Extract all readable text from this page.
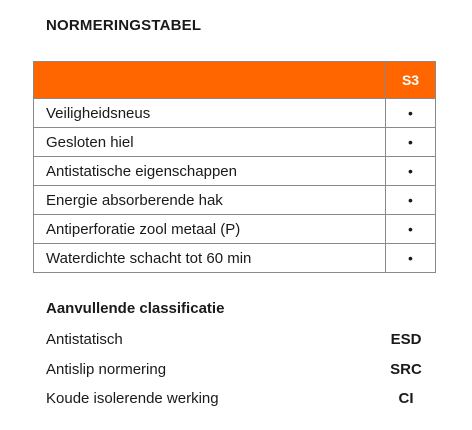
NORMERINGSTABEL
	S3
Veiligheidsneus	•
Gesloten hiel	•
Antistatische eigenschappen	•
Energie absorberende hak	•
Antiperforatie zool metaal (P)	•
Waterdichte schacht tot 60 min	•
Aanvullende classificatie
Antistatisch	ESD
Antislip normering	SRC
Koude isolerende werking	CI
